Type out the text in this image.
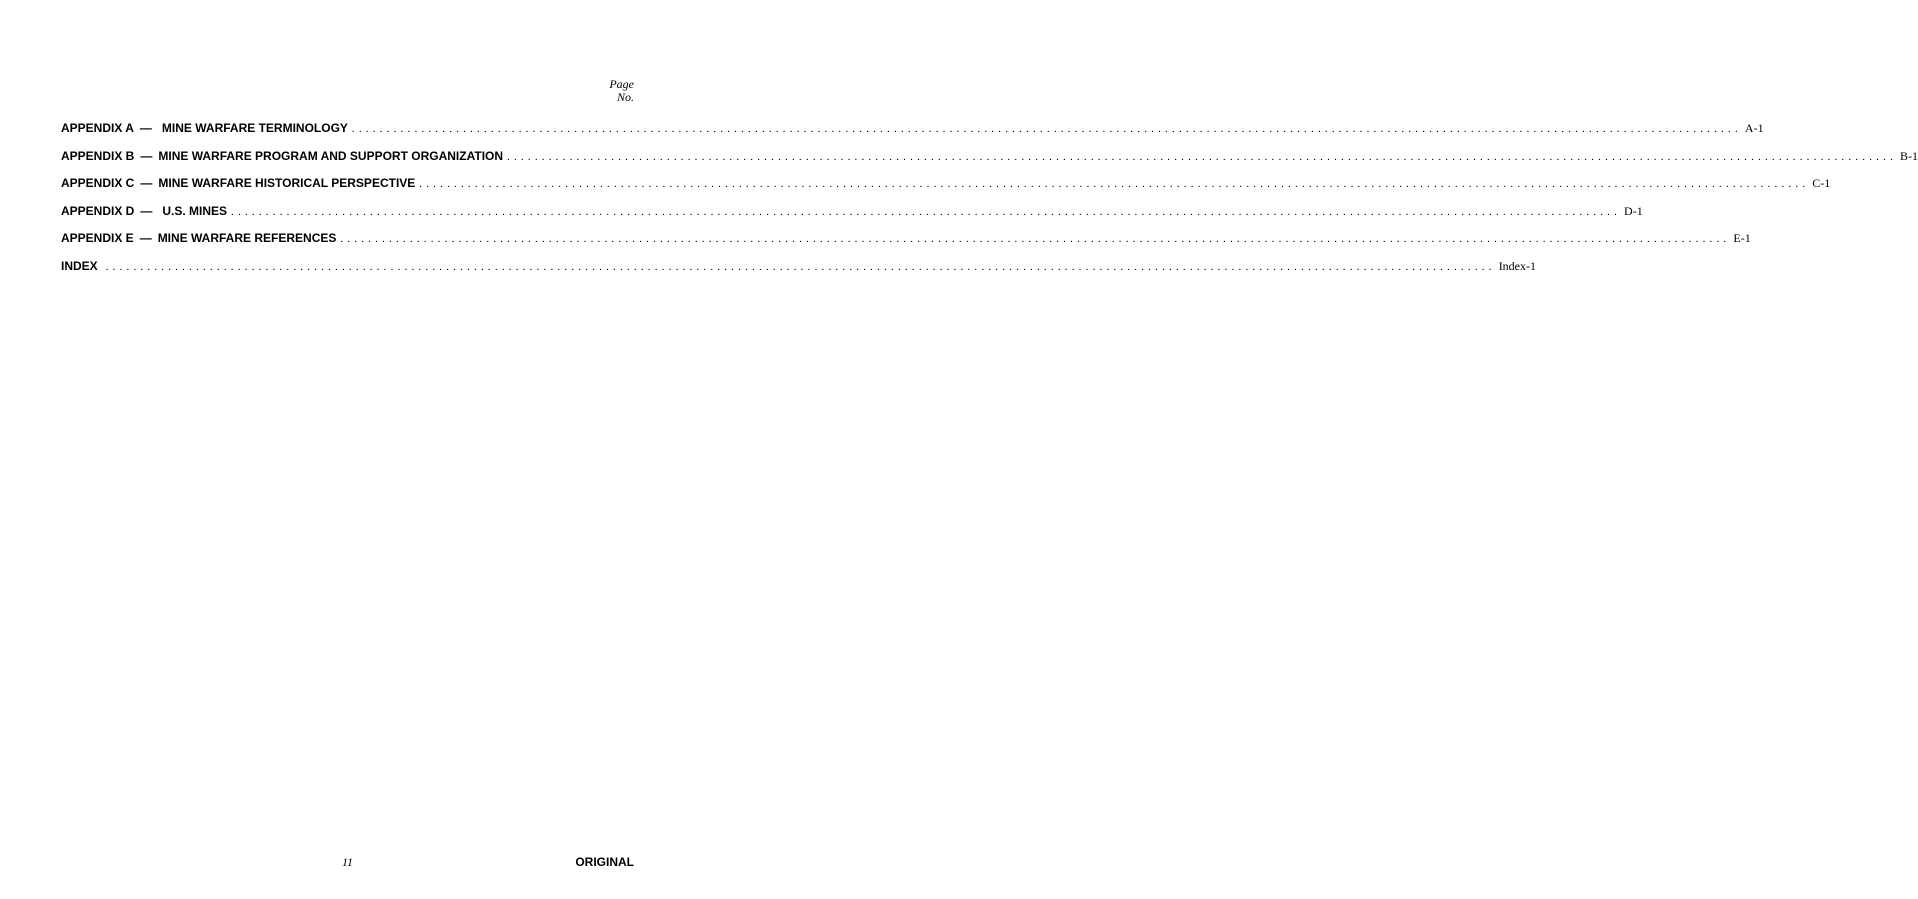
Page
No.
APPENDIX A — MINE WARFARE TERMINOLOGY ........................................................................................................................................................................................................ A-1
APPENDIX B — MINE WARFARE PROGRAM AND SUPPORT ORGANIZATION ........................................................................................................................................................................................................ B-1
APPENDIX C — MINE WARFARE HISTORICAL PERSPECTIVE ........................................................................................................................................................................................................ C-1
APPENDIX D — U.S. MINES ........................................................................................................................................................................................................ D-1
APPENDIX E — MINE WARFARE REFERENCES ........................................................................................................................................................................................................ E-1
INDEX ........................................................................................................................................................................................................ Index-1
11	ORIGINAL
